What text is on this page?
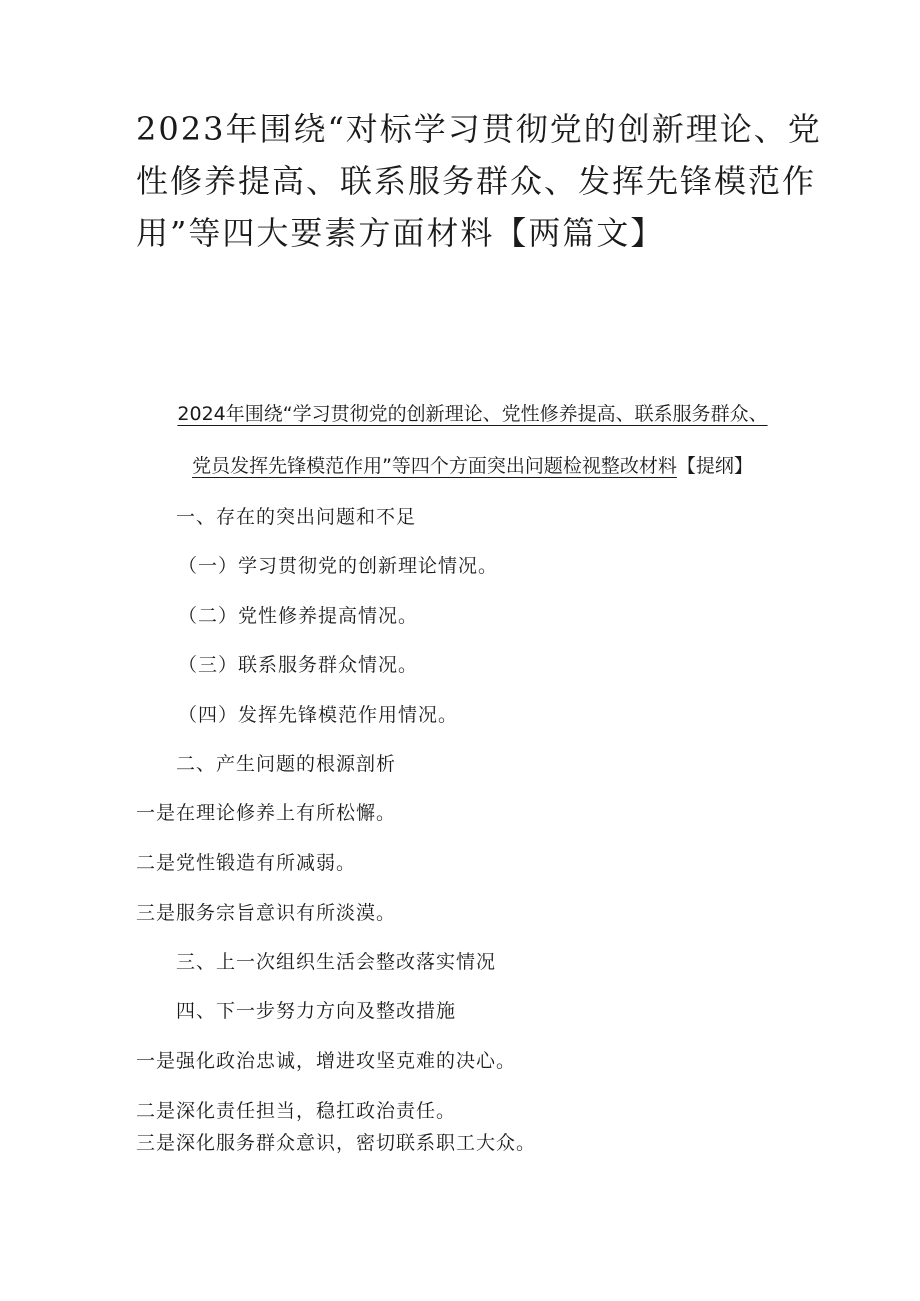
2023年围绕“对标学习贯彻党的创新理论、党性修养提高、联系服务群众、发挥先锋模范作用”等四大要素方面材料【两篇文】
2024年围绕“学习贯彻党的创新理论、党性修养提高、联系服务群众、
党员发挥先锋模范作用”等四个方面突出问题检视整改材料【提纲】

一、存在的突出问题和不足

（一）学习贯彻党的创新理论情况。

（二）党性修养提高情况。

（三）联系服务群众情况。

（四）发挥先锋模范作用情况。

二、产生问题的根源剖析

一是在理论修养上有所松懈。

二是党性锻造有所减弱。

三是服务宗旨意识有所淡漠。

三、上一次组织生活会整改落实情况

四、下一步努力方向及整改措施

一是强化政治忠诚，增进攻坚克难的决心。

二是深化责任担当，稳扛政治责任。

三是深化服务群众意识，密切联系职工大众。
